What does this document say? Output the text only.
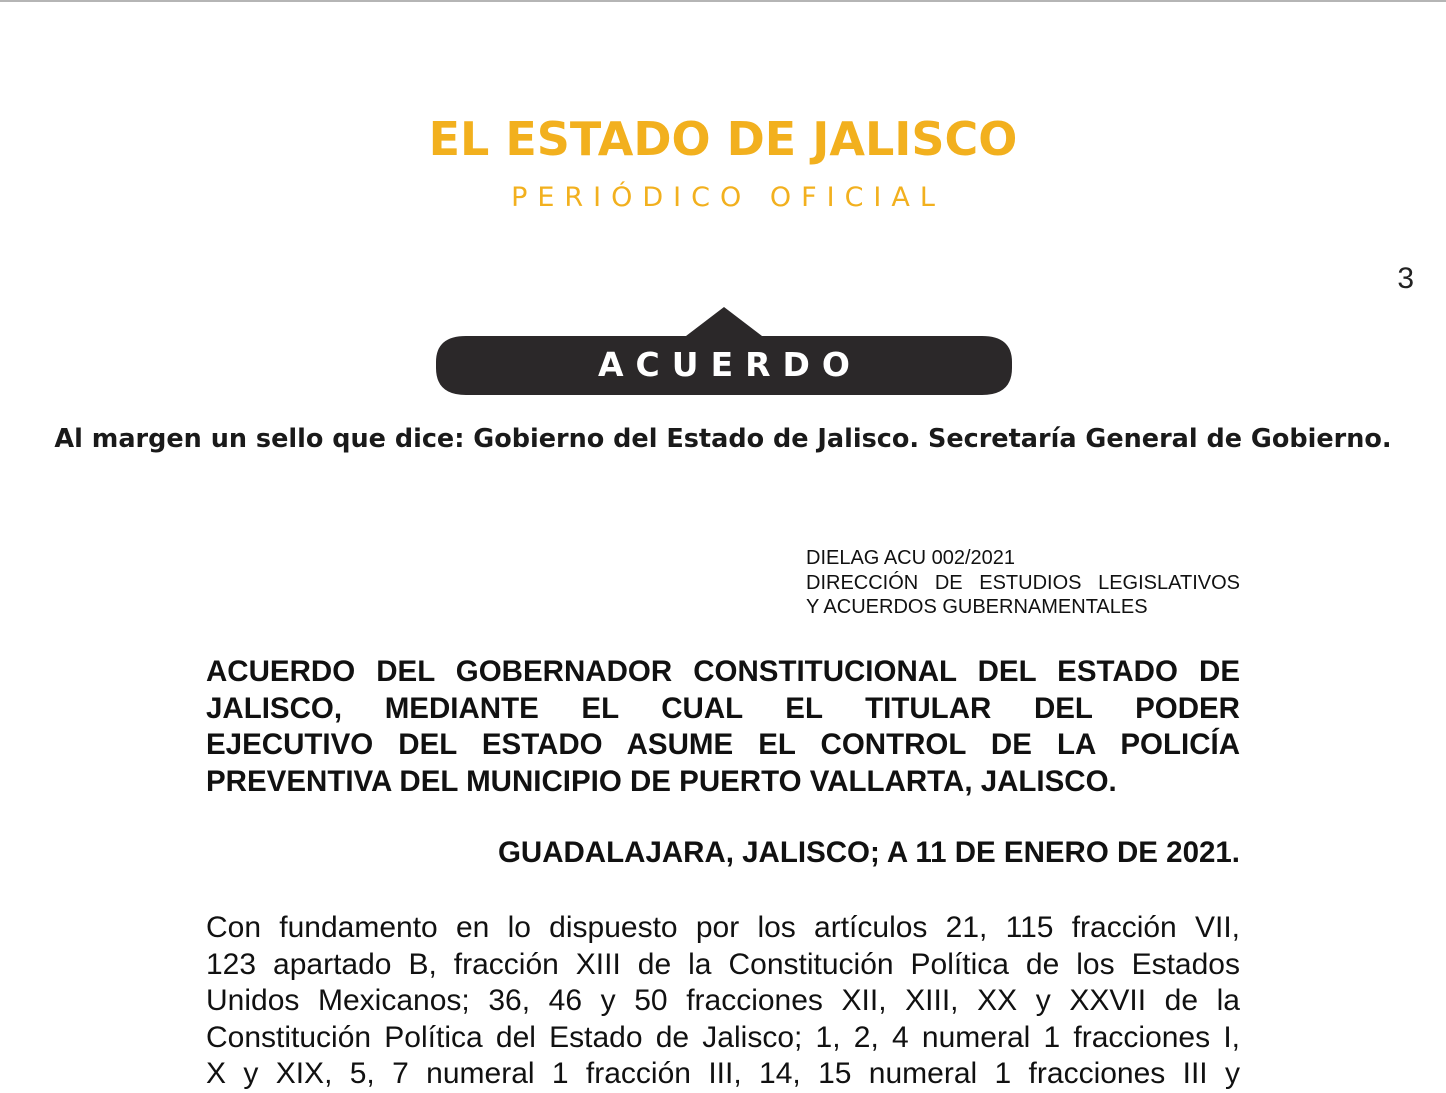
EL ESTADO DE JALISCO
PERIÓDICO OFICIAL
3
ACUERDO
Al margen un sello que dice: Gobierno del Estado de Jalisco. Secretaría General de Gobierno.
DIELAG ACU 002/2021
DIRECCIÓN DE ESTUDIOS LEGISLATIVOS
Y ACUERDOS GUBERNAMENTALES
ACUERDO DEL GOBERNADOR CONSTITUCIONAL DEL ESTADO DE
JALISCO, MEDIANTE EL CUAL EL TITULAR DEL PODER
EJECUTIVO DEL ESTADO ASUME EL CONTROL DE LA POLICÍA
PREVENTIVA DEL MUNICIPIO DE PUERTO VALLARTA, JALISCO.
GUADALAJARA, JALISCO; A 11 DE ENERO DE 2021.
Con fundamento en lo dispuesto por los artículos 21, 115 fracción VII,
123 apartado B, fracción XIII de la Constitución Política de los Estados
Unidos Mexicanos; 36, 46 y 50 fracciones XII, XIII, XX y XXVII de la
Constitución Política del Estado de Jalisco; 1, 2, 4 numeral 1 fracciones I,
X y XIX, 5, 7 numeral 1 fracción III, 14, 15 numeral 1 fracciones III y
